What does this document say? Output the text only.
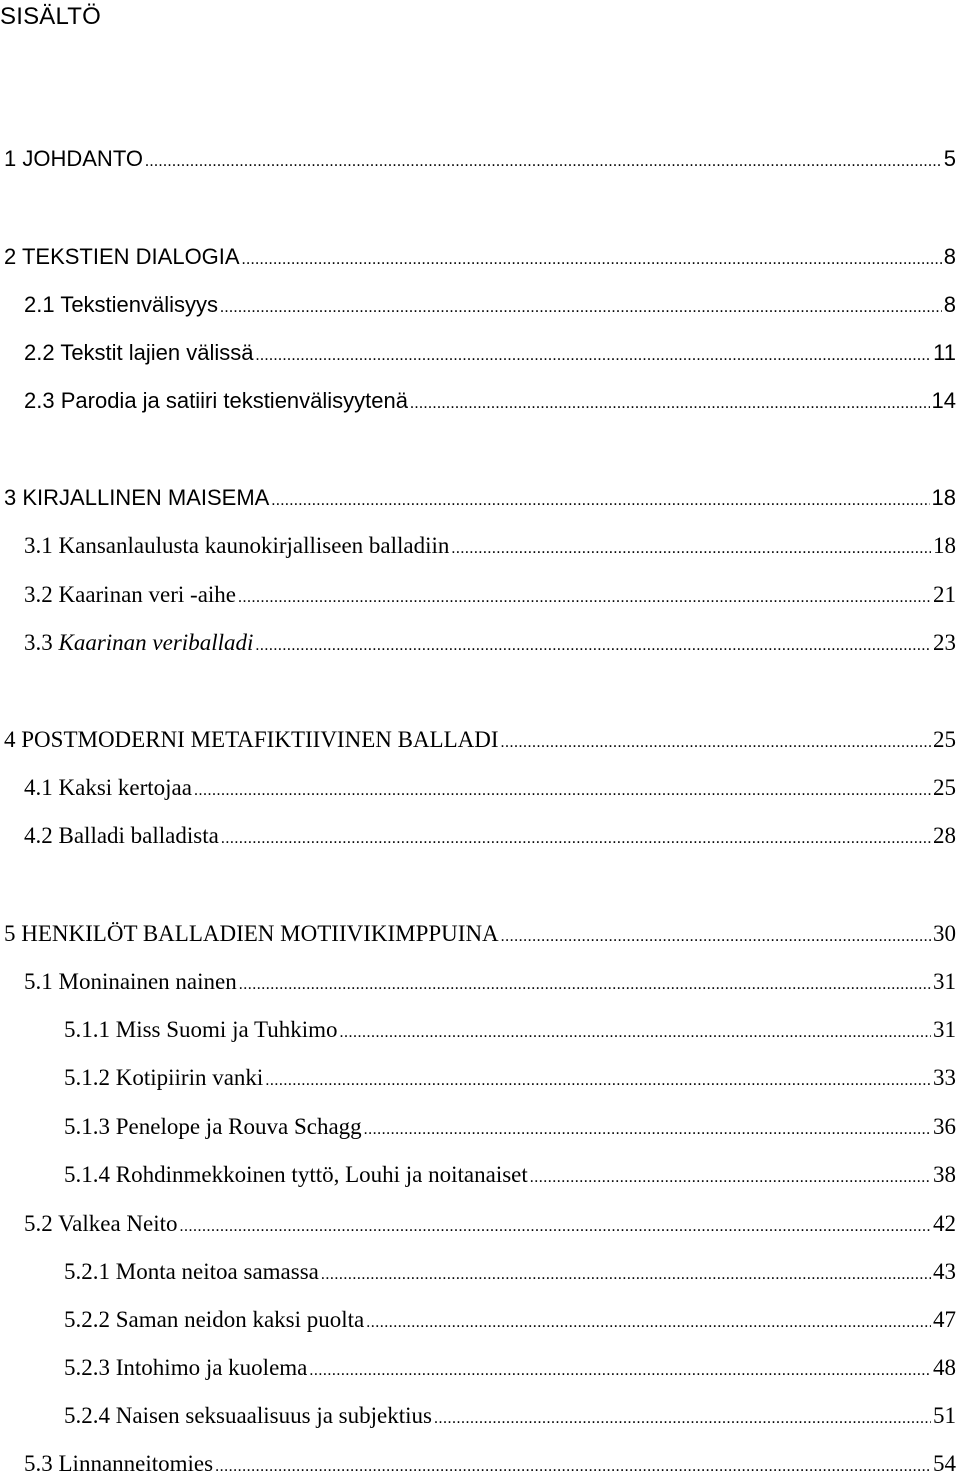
SISÄLTÖ
1 JOHDANTO .....	5
2 TEKSTIEN DIALOGIA .....	8
2.1 Tekstienvälisyys .....	8
2.2 Tekstit lajien välissä .....	11
2.3 Parodia ja satiiri tekstienvälisyytenä .....	14
3 KIRJALLINEN MAISEMA .....	18
3.1 Kansanlaulusta kaunokirjalliseen balladiin .....	18
3.2 Kaarinan veri -aihe .....	21
3.3 Kaarinan veriballadi .....	23
4 POSTMODERNI METAFIKTIIVINEN BALLADI .....	25
4.1 Kaksi kertojaa .....	25
4.2 Balladi balladista .....	28
5 HENKILÖT BALLADIEN MOTIIVIKIMPPUINA .....	30
5.1 Moninainen nainen .....	31
5.1.1 Miss Suomi ja Tuhkimo .....	31
5.1.2 Kotipiirin vanki .....	33
5.1.3 Penelope ja Rouva Schagg .....	36
5.1.4 Rohdinmekkoinen tyttö, Louhi ja noitanaiset .....	38
5.2 Valkea Neito .....	42
5.2.1 Monta neitoa samassa .....	43
5.2.2 Saman neidon kaksi puolta .....	47
5.2.3 Intohimo ja kuolema .....	48
5.2.4 Naisen seksuaalisuus ja subjektius .....	51
5.3 Linnanneitomies .....	54
